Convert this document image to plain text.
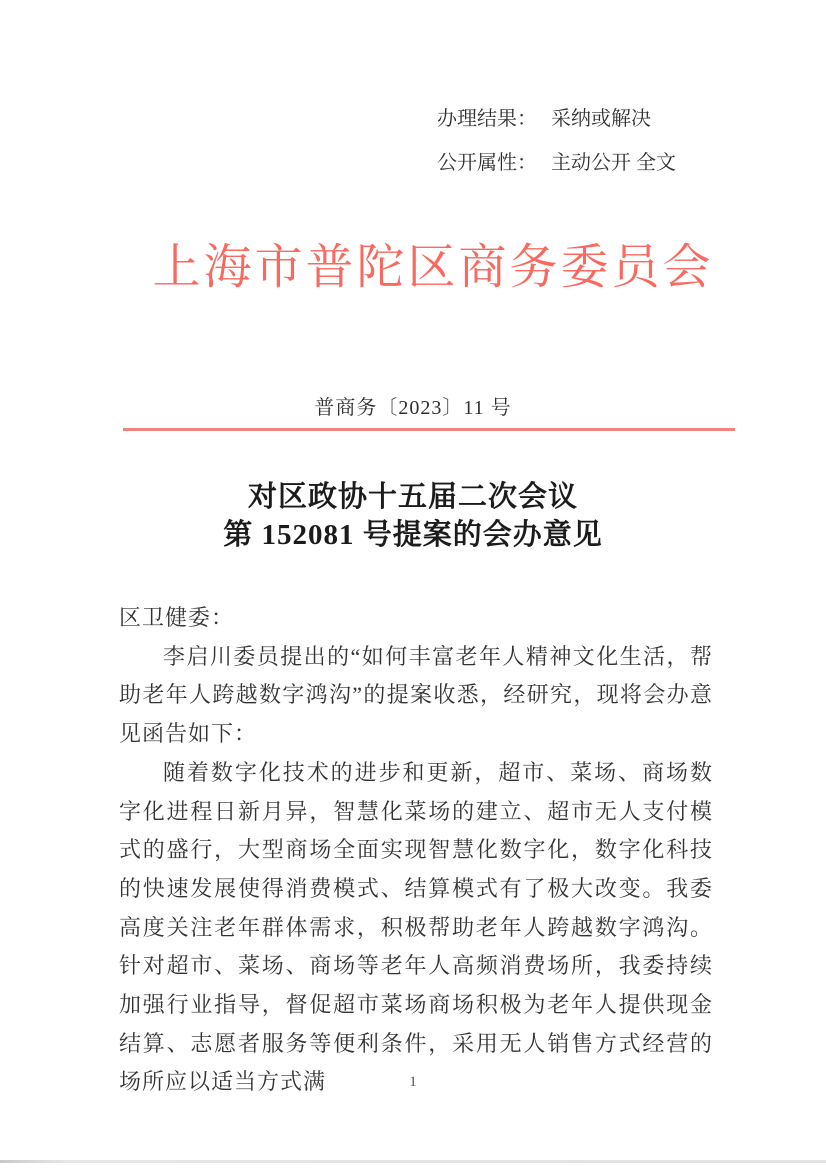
办理结果： 采纳或解决
公开属性： 主动公开 全文
上海市普陀区商务委员会
普商务〔2023〕11 号
对区政协十五届二次会议
第 152081 号提案的会办意见

区卫健委：

李启川委员提出的“如何丰富老年人精神文化生活，帮助老年人跨越数字鸿沟”的提案收悉，经研究，现将会办意见函告如下：

随着数字化技术的进步和更新，超市、菜场、商场数字化进程日新月异，智慧化菜场的建立、超市无人支付模式的盛行，大型商场全面实现智慧化数字化，数字化科技的快速发展使得消费模式、结算模式有了极大改变。我委高度关注老年群体需求，积极帮助老年人跨越数字鸿沟。针对超市、菜场、商场等老年人高频消费场所，我委持续加强行业指导，督促超市菜场商场积极为老年人提供现金结算、志愿者服务等便利条件，采用无人销售方式经营的场所应以适当方式满	1
